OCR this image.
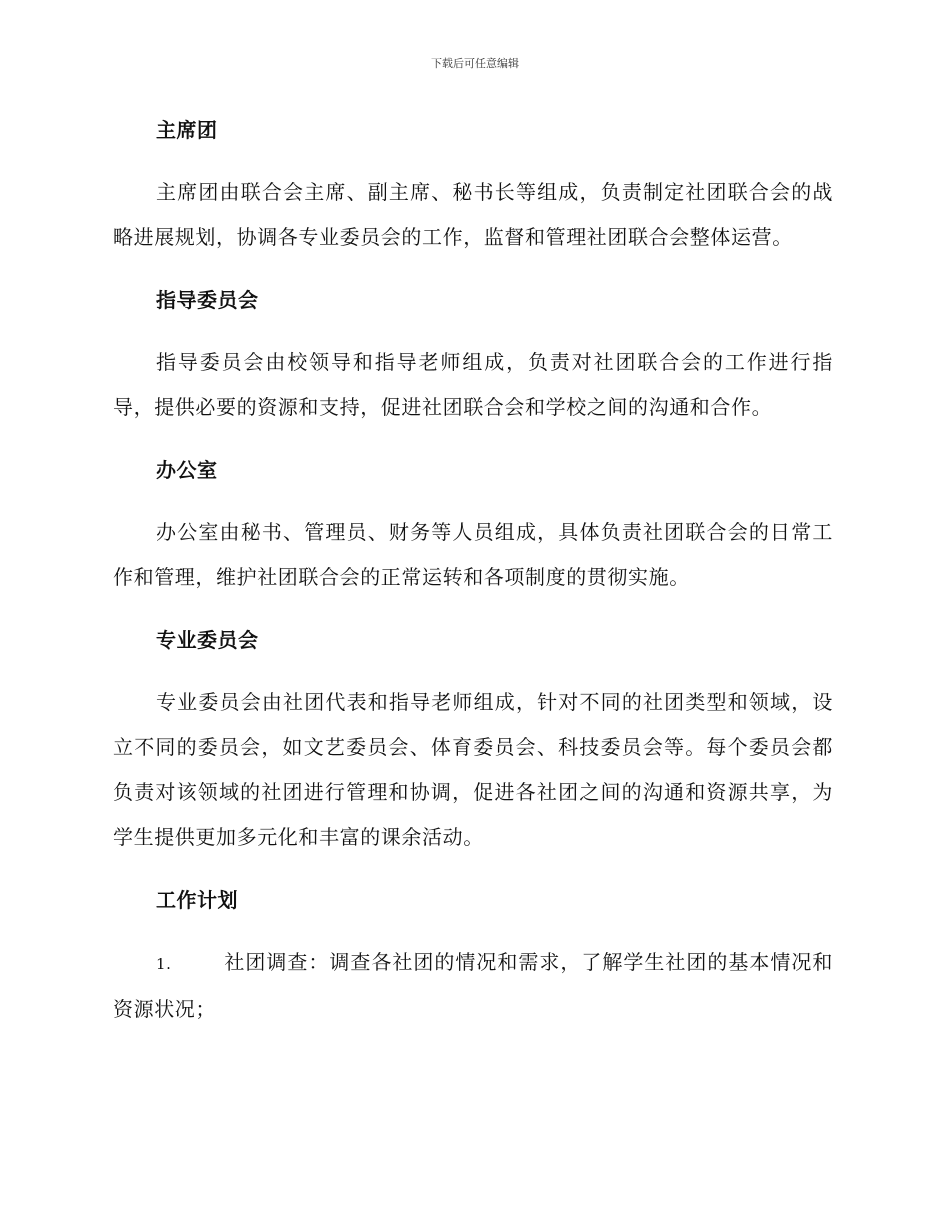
下载后可任意编辑

主席团

主席团由联合会主席、副主席、秘书长等组成，负责制定社团联合会的战略进展规划，协调各专业委员会的工作，监督和管理社团联合会整体运营。

指导委员会

指导委员会由校领导和指导老师组成，负责对社团联合会的工作进行指导，提供必要的资源和支持，促进社团联合会和学校之间的沟通和合作。

办公室

办公室由秘书、管理员、财务等人员组成，具体负责社团联合会的日常工作和管理，维护社团联合会的正常运转和各项制度的贯彻实施。

专业委员会

专业委员会由社团代表和指导老师组成，针对不同的社团类型和领域，设立不同的委员会，如文艺委员会、体育委员会、科技委员会等。每个委员会都负责对该领域的社团进行管理和协调，促进各社团之间的沟通和资源共享，为学生提供更加多元化和丰富的课余活动。

工作计划

1.	社团调查：调查各社团的情况和需求，了解学生社团的基本情况和资源状况；
